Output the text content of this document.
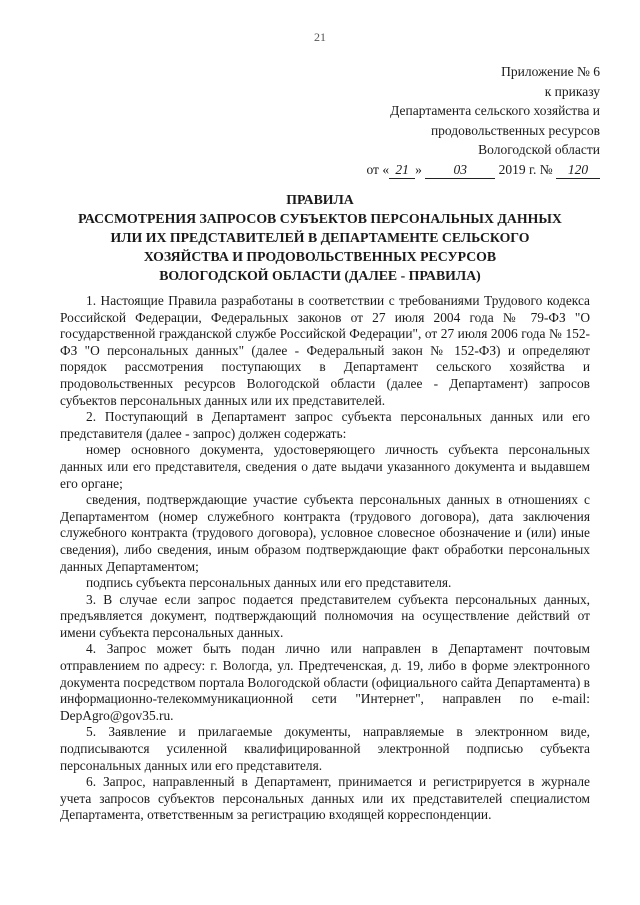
21
Приложение № 6
к приказу
Департамента сельского хозяйства и
продовольственных ресурсов
Вологодской области
от « 21 » 03 2019 г. № 120
ПРАВИЛА
РАССМОТРЕНИЯ ЗАПРОСОВ СУБЪЕКТОВ ПЕРСОНАЛЬНЫХ ДАННЫХ
ИЛИ ИХ ПРЕДСТАВИТЕЛЕЙ В ДЕПАРТАМЕНТЕ СЕЛЬСКОГО
ХОЗЯЙСТВА И ПРОДОВОЛЬСТВЕННЫХ РЕСУРСОВ
ВОЛОГОДСКОЙ ОБЛАСТИ (ДАЛЕЕ - ПРАВИЛА)

1. Настоящие Правила разработаны в соответствии с требованиями Трудового кодекса Российской Федерации, Федеральных законов от 27 июля 2004 года № 79-ФЗ "О государственной гражданской службе Российской Федерации", от 27 июля 2006 года № 152-ФЗ "О персональных данных" (далее - Федеральный закон № 152-ФЗ) и определяют порядок рассмотрения поступающих в Департамент сельского хозяйства и продовольственных ресурсов Вологодской области (далее - Департамент) запросов субъектов персональных данных или их представителей.

2. Поступающий в Департамент запрос субъекта персональных данных или его представителя (далее - запрос) должен содержать:

номер основного документа, удостоверяющего личность субъекта персональных данных или его представителя, сведения о дате выдачи указанного документа и выдавшем его органе;

сведения, подтверждающие участие субъекта персональных данных в отношениях с Департаментом (номер служебного контракта (трудового договора), дата заключения служебного контракта (трудового договора), условное словесное обозначение и (или) иные сведения), либо сведения, иным образом подтверждающие факт обработки персональных данных Департаментом;

подпись субъекта персональных данных или его представителя.

3. В случае если запрос подается представителем субъекта персональных данных, предъявляется документ, подтверждающий полномочия на осуществление действий от имени субъекта персональных данных.

4. Запрос может быть подан лично или направлен в Департамент почтовым отправлением по адресу: г. Вологда, ул. Предтеченская, д. 19, либо в форме электронного документа посредством портала Вологодской области (официального сайта Департамента) в информационно-телекоммуникационной сети "Интернет", направлен по e-mail: DepAgro@gov35.ru.

5. Заявление и прилагаемые документы, направляемые в электронном виде, подписываются усиленной квалифицированной электронной подписью субъекта персональных данных или его представителя.

6. Запрос, направленный в Департамент, принимается и регистрируется в журнале учета запросов субъектов персональных данных или их представителей специалистом Департамента, ответственным за регистрацию входящей корреспонденции.
